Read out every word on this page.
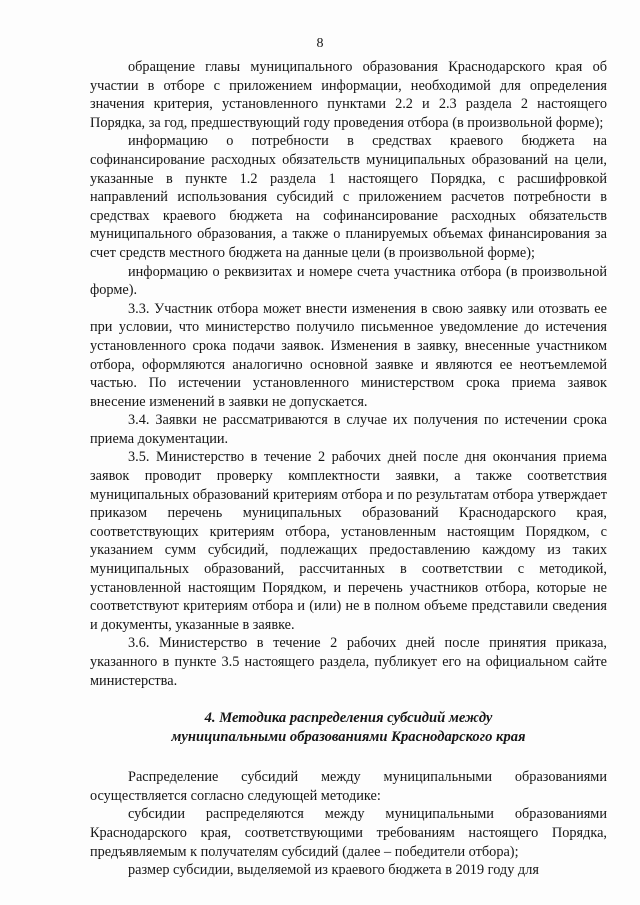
8

обращение главы муниципального образования Краснодарского края об участии в отборе с приложением информации, необходимой для определения значения критерия, установленного пунктами 2.2 и 2.3 раздела 2 настоящего Порядка, за год, предшествующий году проведения отбора (в произвольной форме);

информацию о потребности в средствах краевого бюджета на софинансирование расходных обязательств муниципальных образований на цели, указанные в пункте 1.2 раздела 1 настоящего Порядка, с расшифровкой направлений использования субсидий с приложением расчетов потребности в средствах краевого бюджета на софинансирование расходных обязательств муниципального образования, а также о планируемых объемах финансирования за счет средств местного бюджета на данные цели (в произвольной форме);

информацию о реквизитах и номере счета участника отбора (в произвольной форме).

3.3. Участник отбора может внести изменения в свою заявку или отозвать ее при условии, что министерство получило письменное уведомление до истечения установленного срока подачи заявок. Изменения в заявку, внесенные участником отбора, оформляются аналогично основной заявке и являются ее неотъемлемой частью. По истечении установленного министерством срока приема заявок внесение изменений в заявки не допускается.

3.4. Заявки не рассматриваются в случае их получения по истечении срока приема документации.

3.5. Министерство в течение 2 рабочих дней после дня окончания приема заявок проводит проверку комплектности заявки, а также соответствия муниципальных образований критериям отбора и по результатам отбора утверждает приказом перечень муниципальных образований Краснодарского края, соответствующих критериям отбора, установленным настоящим Порядком, с указанием сумм субсидий, подлежащих предоставлению каждому из таких муниципальных образований, рассчитанных в соответствии с методикой, установленной настоящим Порядком, и перечень участников отбора, которые не соответствуют критериям отбора и (или) не в полном объеме представили сведения и документы, указанные в заявке.

3.6. Министерство в течение 2 рабочих дней после принятия приказа, указанного в пункте 3.5 настоящего раздела, публикует его на официальном сайте министерства.

4. Методика распределения субсидий между
муниципальными образованиями Краснодарского края

Распределение субсидий между муниципальными образованиями осуществляется согласно следующей методике:

субсидии распределяются между муниципальными образованиями Краснодарского края, соответствующими требованиям настоящего Порядка, предъявляемым к получателям субсидий (далее – победители отбора);

размер субсидии, выделяемой из краевого бюджета в 2019 году для
